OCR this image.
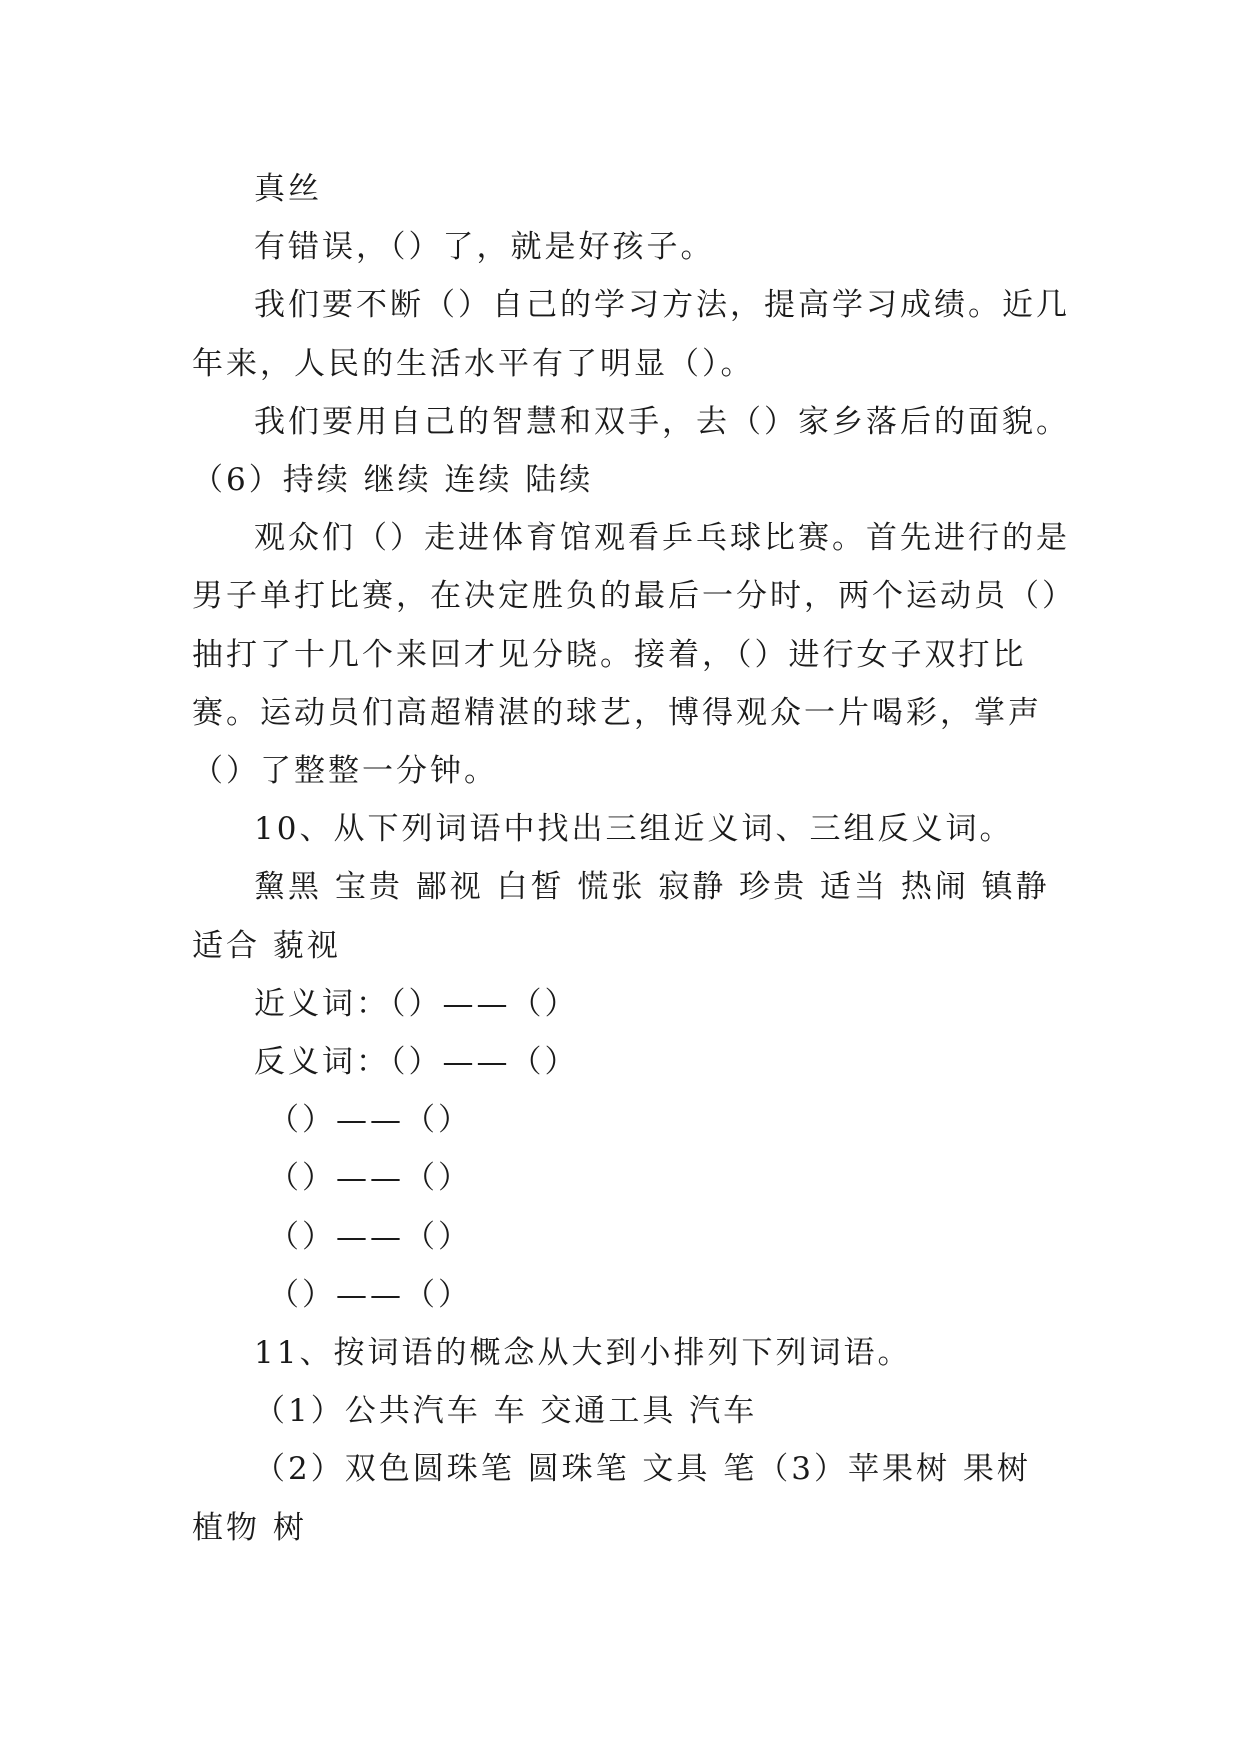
真丝

有错误，（）了，就是好孩子。

我们要不断（）自己的学习方法，提高学习成绩。近几年来，人民的生活水平有了明显（）。

我们要用自己的智慧和双手，去（）家乡落后的面貌。

（6）持续 继续 连续 陆续

观众们（）走进体育馆观看乒乓球比赛。首先进行的是男子单打比赛，在决定胜负的最后一分时，两个运动员（）抽打了十几个来回才见分晓。接着，（）进行女子双打比赛。运动员们高超精湛的球艺，博得观众一片喝彩，掌声（）了整整一分钟。

10、从下列词语中找出三组近义词、三组反义词。

黧黑 宝贵 鄙视 白皙 慌张 寂静 珍贵 适当 热闹 镇静 适合 藐视

近义词：（）——（）

反义词：（）——（）

（）——（）

（）——（）

（）——（）

（）——（）

11、按词语的概念从大到小排列下列词语。

（1）公共汽车 车 交通工具 汽车

（2）双色圆珠笔 圆珠笔 文具 笔（3）苹果树 果树 植物 树
